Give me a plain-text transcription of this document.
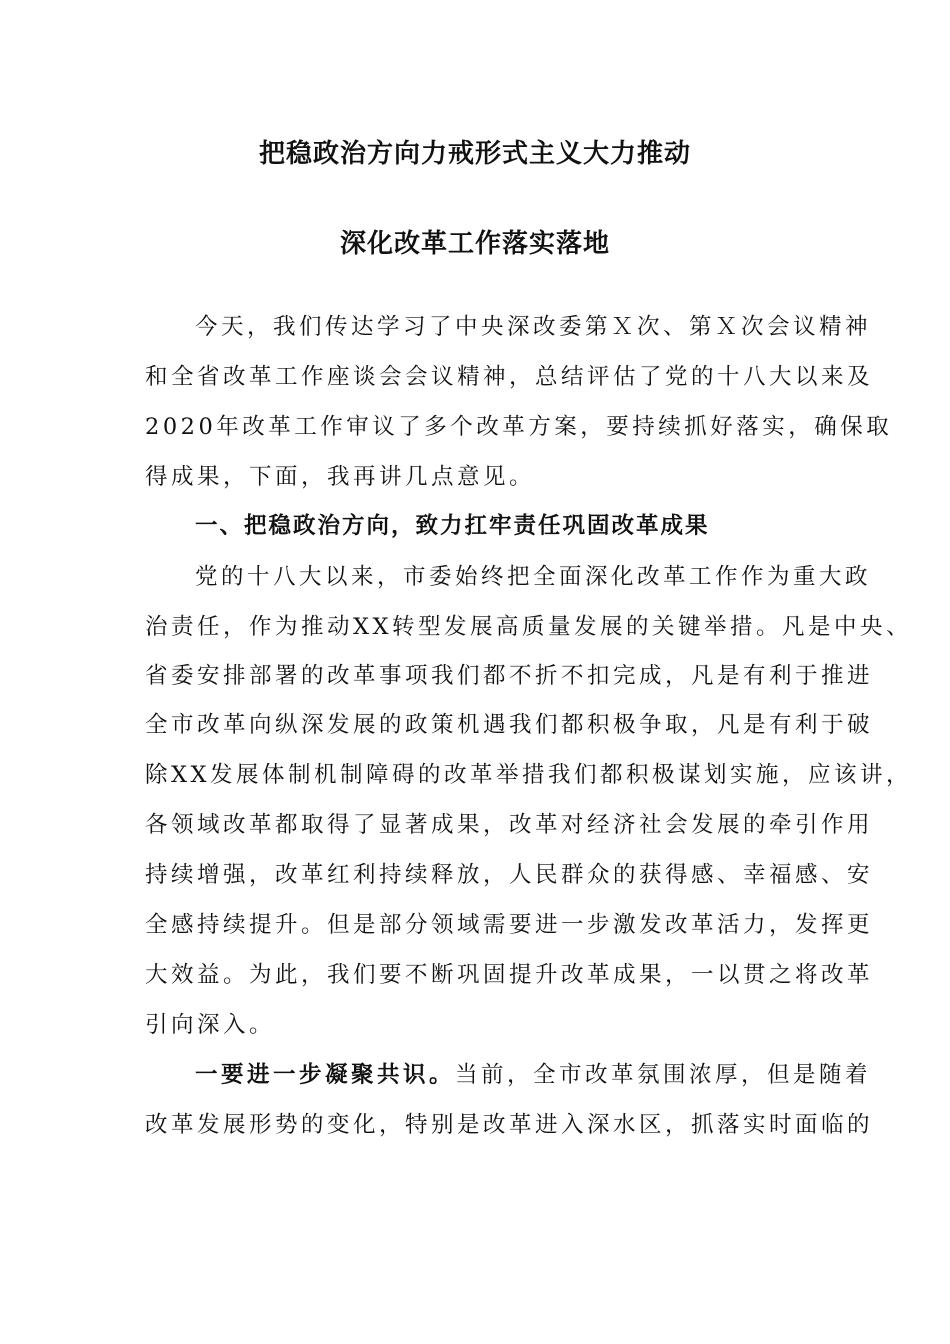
把稳政治方向力戒形式主义大力推动
深化改革工作落实落地
今天，我们传达学习了中央深改委第Ｘ次、第Ｘ次会议精神
和全省改革工作座谈会会议精神，总结评估了党的十八大以来及
2020年改革工作审议了多个改革方案，要持续抓好落实，确保取
得成果，下面，我再讲几点意见。
一、把稳政治方向，致力扛牢责任巩固改革成果
党的十八大以来，市委始终把全面深化改革工作作为重大政
治责任，作为推动XX转型发展高质量发展的关键举措。凡是中央、
省委安排部署的改革事项我们都不折不扣完成，凡是有利于推进
全市改革向纵深发展的政策机遇我们都积极争取，凡是有利于破
除XX发展体制机制障碍的改革举措我们都积极谋划实施，应该讲，
各领域改革都取得了显著成果，改革对经济社会发展的牵引作用
持续增强，改革红利持续释放，人民群众的获得感、幸福感、安
全感持续提升。但是部分领域需要进一步激发改革活力，发挥更
大效益。为此，我们要不断巩固提升改革成果，一以贯之将改革
引向深入。
一要进一步凝聚共识。当前，全市改革氛围浓厚，但是随着
改革发展形势的变化，特别是改革进入深水区，抓落实时面临的
